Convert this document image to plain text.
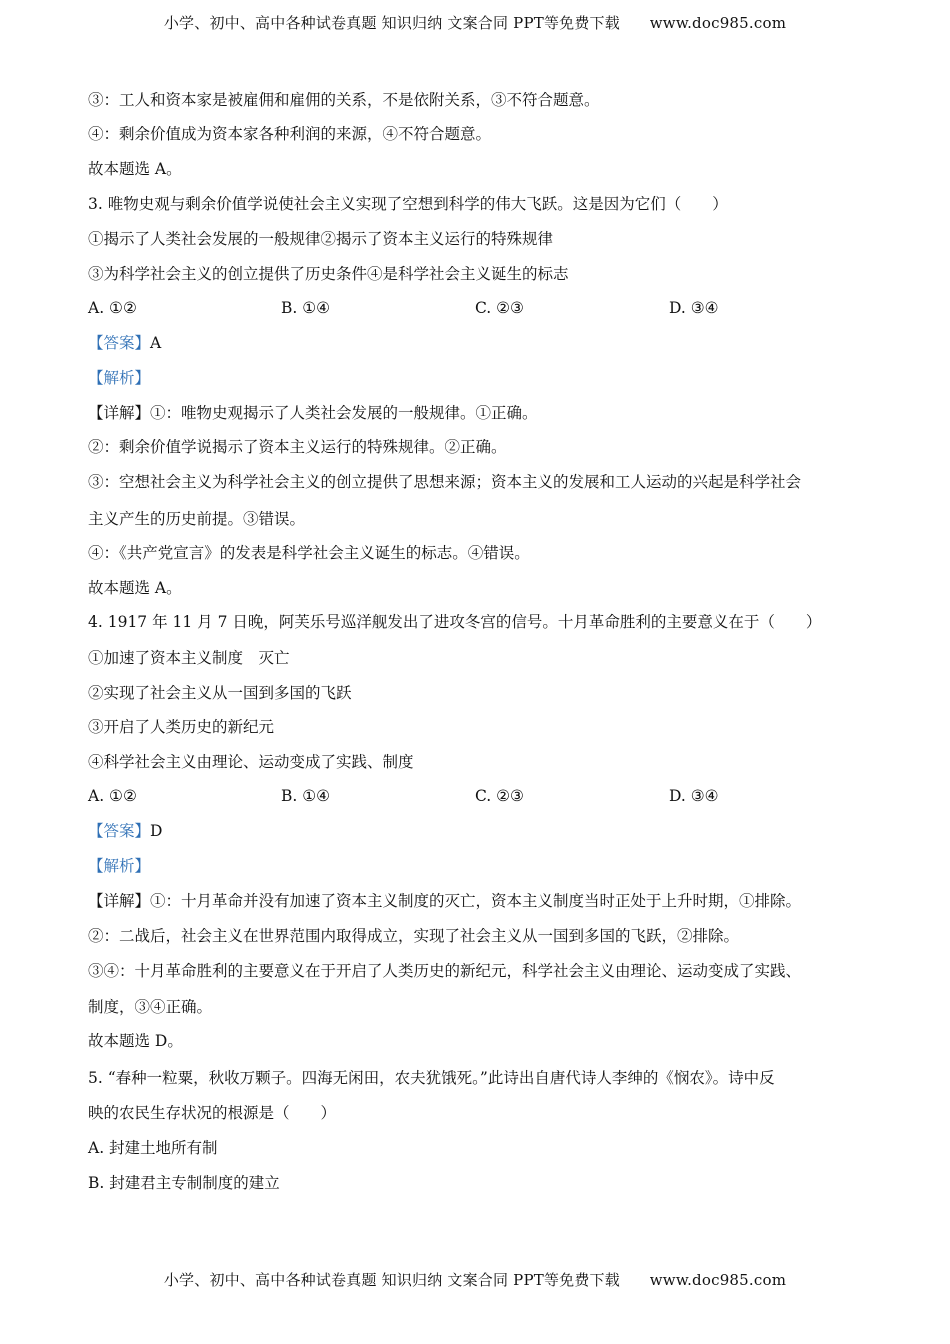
小学、初中、高中各种试卷真题 知识归纳 文案合同 PPT等免费下载      www.doc985.com
③：工人和资本家是被雇佣和雇佣的关系，不是依附关系，③不符合题意。
④：剩余价值成为资本家各种利润的来源，④不符合题意。
故本题选 A。
3. 唯物史观与剩余价值学说使社会主义实现了空想到科学的伟大飞跃。这是因为它们（　　）
①揭示了人类社会发展的一般规律②揭示了资本主义运行的特殊规律
③为科学社会主义的创立提供了历史条件④是科学社会主义诞生的标志
A. ①②	B. ①④	C. ②③	D. ③④
【答案】A
【解析】
【详解】①：唯物史观揭示了人类社会发展的一般规律。①正确。
②：剩余价值学说揭示了资本主义运行的特殊规律。②正确。
③：空想社会主义为科学社会主义的创立提供了思想来源；资本主义的发展和工人运动的兴起是科学社会
主义产生的历史前提。③错误。
④：《共产党宣言》的发表是科学社会主义诞生的标志。④错误。
故本题选 A。
4. 1917 年 11 月 7 日晚，阿芙乐号巡洋舰发出了进攻冬宫的信号。十月革命胜利的主要意义在于（　　）
①加速了资本主义制度　灭亡
②实现了社会主义从一国到多国的飞跃
③开启了人类历史的新纪元
④科学社会主义由理论、运动变成了实践、制度
A. ①②	B. ①④	C. ②③	D. ③④
【答案】D
【解析】
【详解】①：十月革命并没有加速了资本主义制度的灭亡，资本主义制度当时正处于上升时期，①排除。
②：二战后，社会主义在世界范围内取得成立，实现了社会主义从一国到多国的飞跃，②排除。
③④：十月革命胜利的主要意义在于开启了人类历史的新纪元，科学社会主义由理论、运动变成了实践、
制度，③④正确。
故本题选 D。
5. “春种一粒粟，秋收万颗子。四海无闲田，农夫犹饿死。”此诗出自唐代诗人李绅的《悯农》。诗中反
映的农民生存状况的根源是（　　）
A. 封建土地所有制
B. 封建君主专制制度的建立
小学、初中、高中各种试卷真题 知识归纳 文案合同 PPT等免费下载      www.doc985.com
